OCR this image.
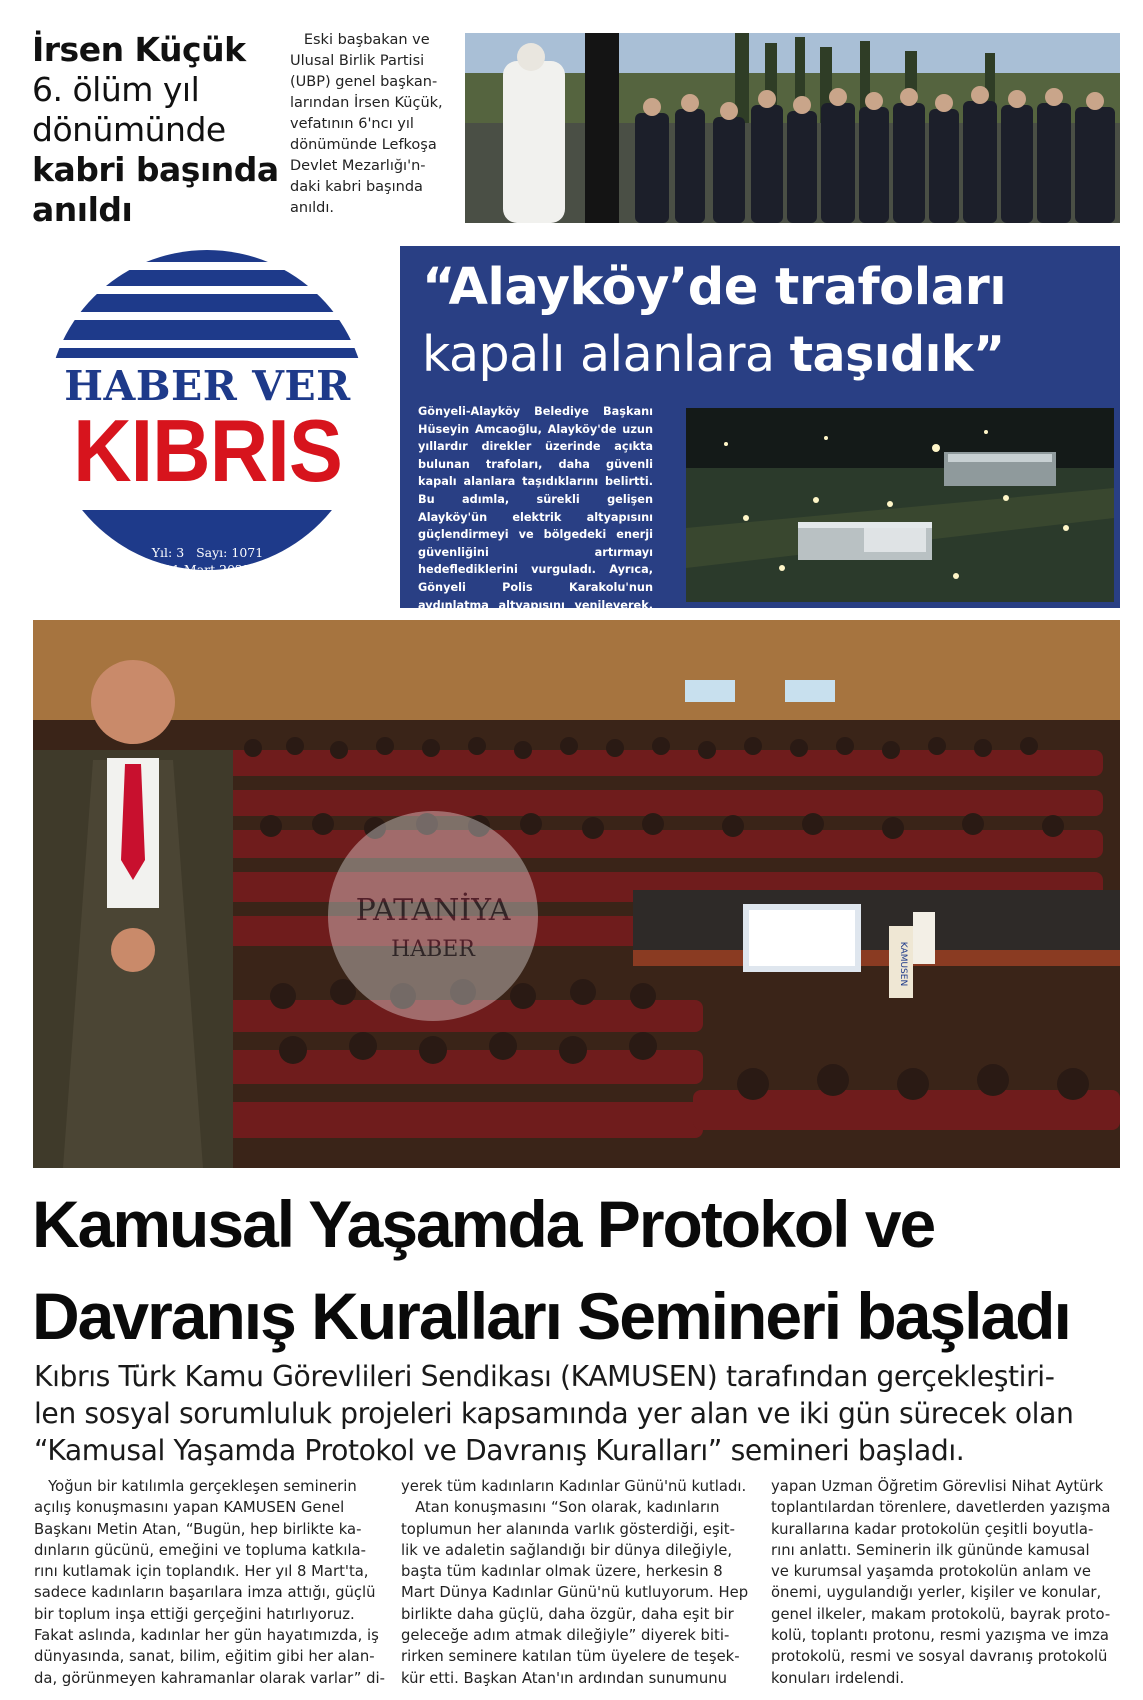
İrsen Küçük
6. ölüm yıl
dönümünde
kabri başında
anıldı
Eski başbakan ve
Ulusal Birlik Partisi
(UBP) genel başkan-
larından İrsen Küçük,
vefatının 6'ncı yıl
dönümünde Lefkoşa
Devlet Mezarlığı'n-
daki kabri başında
anıldı.
HABER VER
KIBRIS
Yıl: 3   Sayı: 1071
11 Mart 2025
“Alayköy’de trafoları
kapalı alanlara taşıdık”
Gönyeli-Alayköy Belediye Başkanı Hüseyin Amcaoğlu, Alayköy'de uzun yıllardır direkler üzerinde açıkta bulunan trafoları, daha güvenli kapalı alanlara taşıdıklarını belirtti. Bu adımla, sürekli gelişen Alayköy'ün elektrik altyapısını güçlendirmeyi ve bölgedeki enerji güvenliğini artırmayı hedeflediklerini vurguladı. Ayrıca, Gönyeli Polis Karakolu'nun aydınlatma altyapısını yenileyerek,
KAMUSEN
PATANİYA
HABER
Kamusal Yaşamda Protokol ve
Davranış Kuralları Semineri başladı
Kıbrıs Türk Kamu Görevlileri Sendikası (KAMUSEN) tarafından gerçekleştiri-
len sosyal sorumluluk projeleri kapsamında yer alan ve iki gün sürecek olan
“Kamusal Yaşamda Protokol ve Davranış Kuralları” semineri başladı.
Yoğun bir katılımla gerçekleşen seminerin
açılış konuşmasını yapan KAMUSEN Genel
Başkanı Metin Atan, “Bugün, hep birlikte ka-
dınların gücünü, emeğini ve topluma katkıla-
rını kutlamak için toplandık. Her yıl 8 Mart'ta,
sadece kadınların başarılara imza attığı, güçlü
bir toplum inşa ettiği gerçeğini hatırlıyoruz.
Fakat aslında, kadınlar her gün hayatımızda, iş
dünyasında, sanat, bilim, eğitim gibi her alan-
da, görünmeyen kahramanlar olarak varlar” di-
yerek tüm kadınların Kadınlar Günü'nü kutladı.
Atan konuşmasını “Son olarak, kadınların
toplumun her alanında varlık gösterdiği, eşit-
lik ve adaletin sağlandığı bir dünya dileğiyle,
başta tüm kadınlar olmak üzere, herkesin 8
Mart Dünya Kadınlar Günü'nü kutluyorum. Hep
birlikte daha güçlü, daha özgür, daha eşit bir
geleceğe adım atmak dileğiyle” diyerek biti-
rirken seminere katılan tüm üyelere de teşek-
kür etti. Başkan Atan'ın ardından sunumunu
yapan Uzman Öğretim Görevlisi Nihat Aytürk
toplantılardan törenlere, davetlerden yazışma
kurallarına kadar protokolün çeşitli boyutla-
rını anlattı. Seminerin ilk gününde kamusal
ve kurumsal yaşamda protokolün anlam ve
önemi, uygulandığı yerler, kişiler ve konular,
genel ilkeler, makam protokolü, bayrak proto-
kolü, toplantı protonu, resmi yazışma ve imza
protokolü, resmi ve sosyal davranış protokolü
konuları irdelendi.
